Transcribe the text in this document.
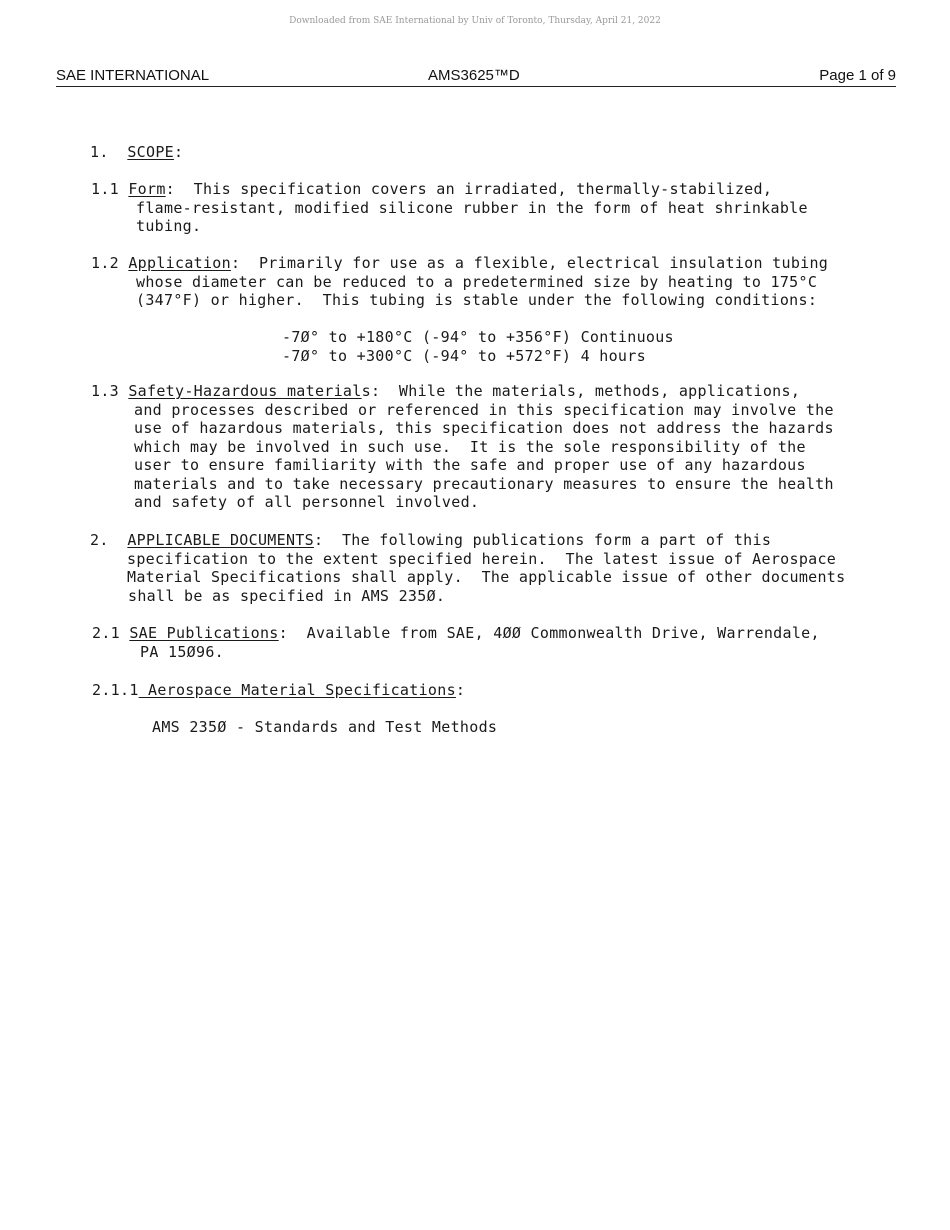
Downloaded from SAE International by Univ of Toronto, Thursday, April 21, 2022
SAE INTERNATIONAL	AMS3625™D	Page 1 of 9
1.  SCOPE:
1.1 Form:  This specification covers an irradiated, thermally-stabilized,
flame-resistant, modified silicone rubber in the form of heat shrinkable
tubing.
1.2 Application:  Primarily for use as a flexible, electrical insulation tubing
whose diameter can be reduced to a predetermined size by heating to 175°C
(347°F) or higher.  This tubing is stable under the following conditions:
-7Ø° to +180°C (-94° to +356°F) Continuous
-7Ø° to +300°C (-94° to +572°F) 4 hours
1.3 Safety-Hazardous materials:  While the materials, methods, applications,
and processes described or referenced in this specification may involve the
use of hazardous materials, this specification does not address the hazards
which may be involved in such use.  It is the sole responsibility of the
user to ensure familiarity with the safe and proper use of any hazardous
materials and to take necessary precautionary measures to ensure the health
and safety of all personnel involved.
2.  APPLICABLE DOCUMENTS:  The following publications form a part of this
specification to the extent specified herein.  The latest issue of Aerospace
Material Specifications shall apply.  The applicable issue of other documents
shall be as specified in AMS 235Ø.
2.1 SAE Publications:  Available from SAE, 4ØØ Commonwealth Drive, Warrendale,
PA 15Ø96.
2.1.1 Aerospace Material Specifications:
AMS 235Ø - Standards and Test Methods
